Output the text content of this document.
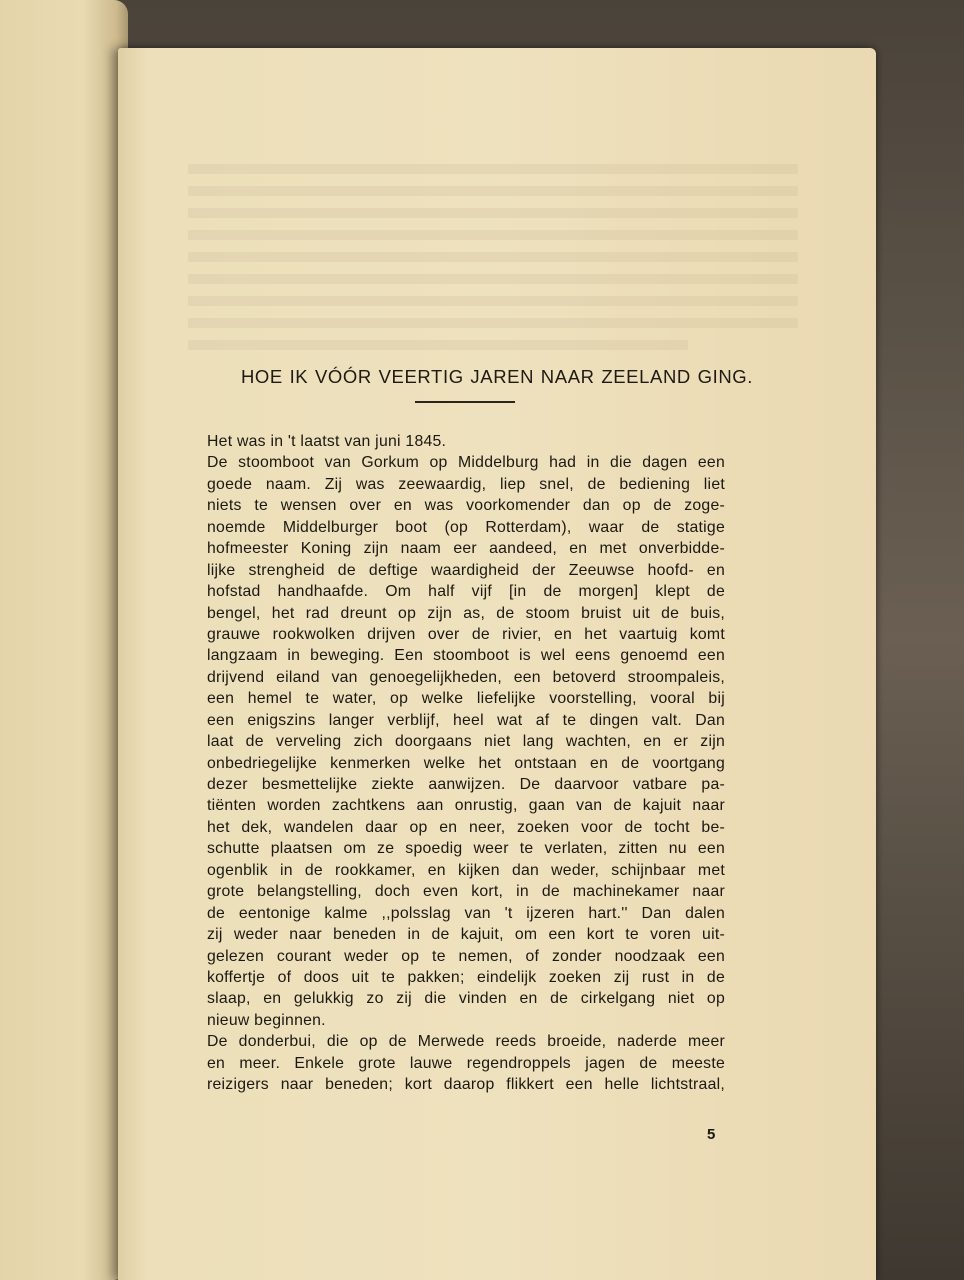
HOE IK VÓÓR VEERTIG JAREN NAAR ZEELAND GING.
Het was in 't laatst van juni 1845.
De stoomboot van Gorkum op Middelburg had in die dagen een
goede naam. Zij was zeewaardig, liep snel, de bediening liet
niets te wensen over en was voorkomender dan op de zoge-
noemde Middelburger boot (op Rotterdam), waar de statige
hofmeester Koning zijn naam eer aandeed, en met onverbidde-
lijke strengheid de deftige waardigheid der Zeeuwse hoofd- en
hofstad handhaafde. Om half vijf [in de morgen] klept de
bengel, het rad dreunt op zijn as, de stoom bruist uit de buis,
grauwe rookwolken drijven over de rivier, en het vaartuig komt
langzaam in beweging. Een stoomboot is wel eens genoemd een
drijvend eiland van genoegelijkheden, een betoverd stroompaleis,
een hemel te water, op welke liefelijke voorstelling, vooral bij
een enigszins langer verblijf, heel wat af te dingen valt. Dan
laat de verveling zich doorgaans niet lang wachten, en er zijn
onbedriegelijke kenmerken welke het ontstaan en de voortgang
dezer besmettelijke ziekte aanwijzen. De daarvoor vatbare pa-
tiënten worden zachtkens aan onrustig, gaan van de kajuit naar
het dek, wandelen daar op en neer, zoeken voor de tocht be-
schutte plaatsen om ze spoedig weer te verlaten, zitten nu een
ogenblik in de rookkamer, en kijken dan weder, schijnbaar met
grote belangstelling, doch even kort, in de machinekamer naar
de eentonige kalme ,,polsslag van 't ijzeren hart.'' Dan dalen
zij weder naar beneden in de kajuit, om een kort te voren uit-
gelezen courant weder op te nemen, of zonder noodzaak een
koffertje of doos uit te pakken; eindelijk zoeken zij rust in de
slaap, en gelukkig zo zij die vinden en de cirkelgang niet op
nieuw beginnen.
De donderbui, die op de Merwede reeds broeide, naderde meer
en meer. Enkele grote lauwe regendroppels jagen de meeste
reizigers naar beneden; kort daarop flikkert een helle lichtstraal,
5
